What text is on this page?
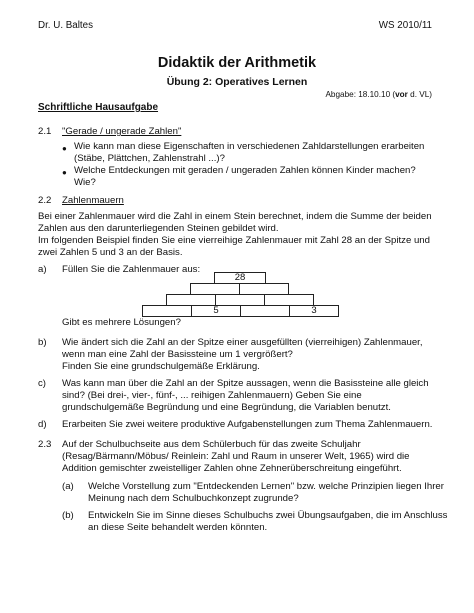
Dr. U. Baltes	WS 2010/11
Didaktik der Arithmetik
Übung 2: Operatives Lernen
Abgabe: 18.10.10 (vor d. VL)
Schriftliche Hausaufgabe
2.1 "Gerade / ungerade Zahlen"
● Wie kann man diese Eigenschaften in verschiedenen Zahldarstellungen erarbeiten
(Stäbe, Plättchen, Zahlenstrahl ...)?
● Welche Entdeckungen mit geraden / ungeraden Zahlen können Kinder machen?
Wie?
2.2 Zahlenmauern
Bei einer Zahlenmauer wird die Zahl in einem Stein berechnet, indem die Summe der beiden
Zahlen aus den darunterliegenden Steinen gebildet wird.
Im folgenden Beispiel finden Sie eine vierreihige Zahlenmauer mit Zahl 28 an der Spitze und
zwei Zahlen 5 und 3 an der Basis.
a) Füllen Sie die Zahlenmauer aus:
28
5	3
Gibt es mehrere Lösungen?
b) Wie ändert sich die Zahl an der Spitze einer ausgefüllten (vierreihigen) Zahlenmauer,
wenn man eine Zahl der Basissteine um 1 vergrößert?
Finden Sie eine grundschulgemäße Erklärung.
c) Was kann man über die Zahl an der Spitze aussagen, wenn die Basissteine alle gleich
sind? (Bei drei-, vier-, fünf-, ... reihigen Zahlenmauern) Geben Sie eine
grundschulgemäße Begründung und eine Begründung, die Variablen benutzt.
d) Erarbeiten Sie zwei weitere produktive Aufgabenstellungen zum Thema Zahlenmauern.
2.3 Auf der Schulbuchseite aus dem Schülerbuch für das zweite Schuljahr
(Resag/Bärmann/Möbus/ Reinlein: Zahl und Raum in unserer Welt, 1965) wird die
Addition gemischter zweistelliger Zahlen ohne Zehnerüberschreitung eingeführt.
(a) Welche Vorstellung zum "Entdeckenden Lernen" bzw. welche Prinzipien liegen Ihrer
Meinung nach dem Schulbuchkonzept zugrunde?
(b) Entwickeln Sie im Sinne dieses Schulbuchs zwei Übungsaufgaben, die im Anschluss
an diese Seite behandelt werden könnten.
